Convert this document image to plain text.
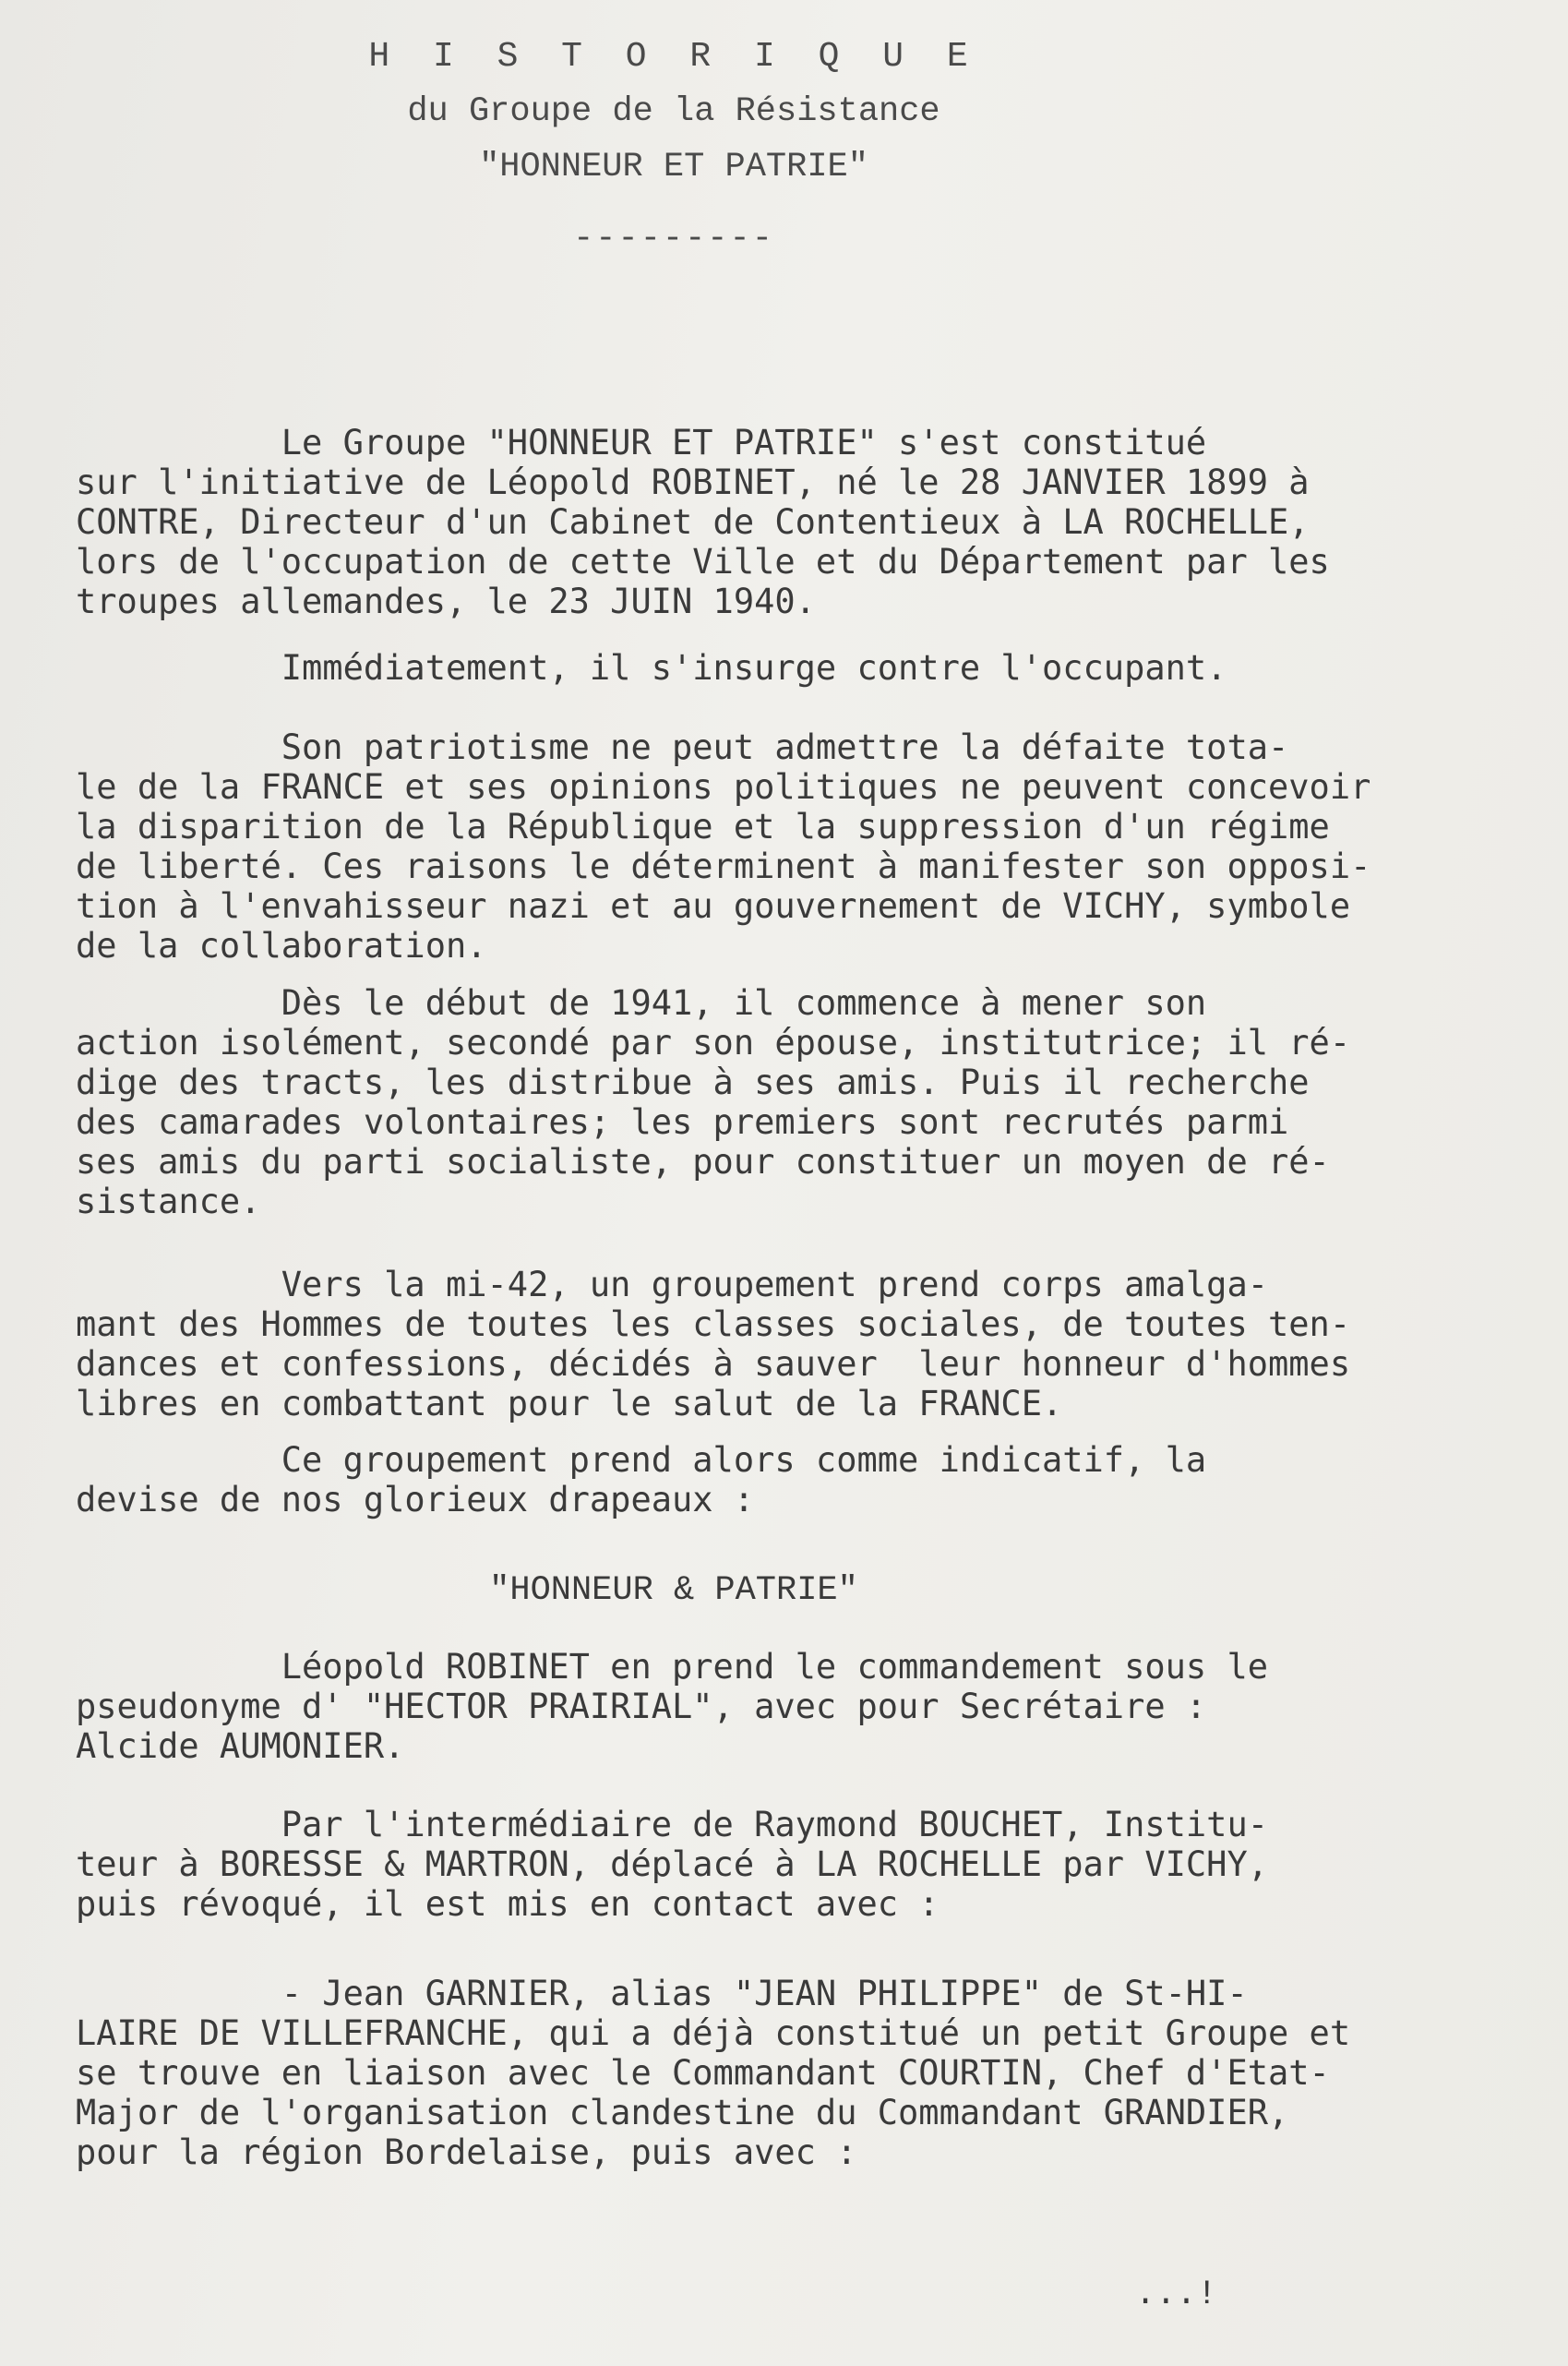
H I S T O R I Q U E
du Groupe de la Résistance
"HONNEUR ET PATRIE"
---------
Le Groupe "HONNEUR ET PATRIE" s'est constitué
sur l'initiative de Léopold ROBINET, né le 28 JANVIER 1899 à
CONTRE, Directeur d'un Cabinet de Contentieux à LA ROCHELLE,
lors de l'occupation de cette Ville et du Département par les
troupes allemandes, le 23 JUIN 1940.
Immédiatement, il s'insurge contre l'occupant.
Son patriotisme ne peut admettre la défaite tota-
le de la FRANCE et ses opinions politiques ne peuvent concevoir
la disparition de la République et la suppression d'un régime
de liberté. Ces raisons le déterminent à manifester son opposi-
tion à l'envahisseur nazi et au gouvernement de VICHY, symbole
de la collaboration.
Dès le début de 1941, il commence à mener son
action isolément, secondé par son épouse, institutrice; il ré-
dige des tracts, les distribue à ses amis. Puis il recherche
des camarades volontaires; les premiers sont recrutés parmi
ses amis du parti socialiste, pour constituer un moyen de ré-
sistance.
Vers la mi-42, un groupement prend corps amalga-
mant des Hommes de toutes les classes sociales, de toutes ten-
dances et confessions, décidés à sauver  leur honneur d'hommes
libres en combattant pour le salut de la FRANCE.
Ce groupement prend alors comme indicatif, la
devise de nos glorieux drapeaux :
"HONNEUR & PATRIE"
Léopold ROBINET en prend le commandement sous le
pseudonyme d' "HECTOR PRAIRIAL", avec pour Secrétaire :
Alcide AUMONIER.
Par l'intermédiaire de Raymond BOUCHET, Institu-
teur à BORESSE & MARTRON, déplacé à LA ROCHELLE par VICHY,
puis révoqué, il est mis en contact avec :
- Jean GARNIER, alias "JEAN PHILIPPE" de St-HI-
LAIRE DE VILLEFRANCHE, qui a déjà constitué un petit Groupe et
se trouve en liaison avec le Commandant COURTIN, Chef d'Etat-
Major de l'organisation clandestine du Commandant GRANDIER,
pour la région Bordelaise, puis avec :
...!
